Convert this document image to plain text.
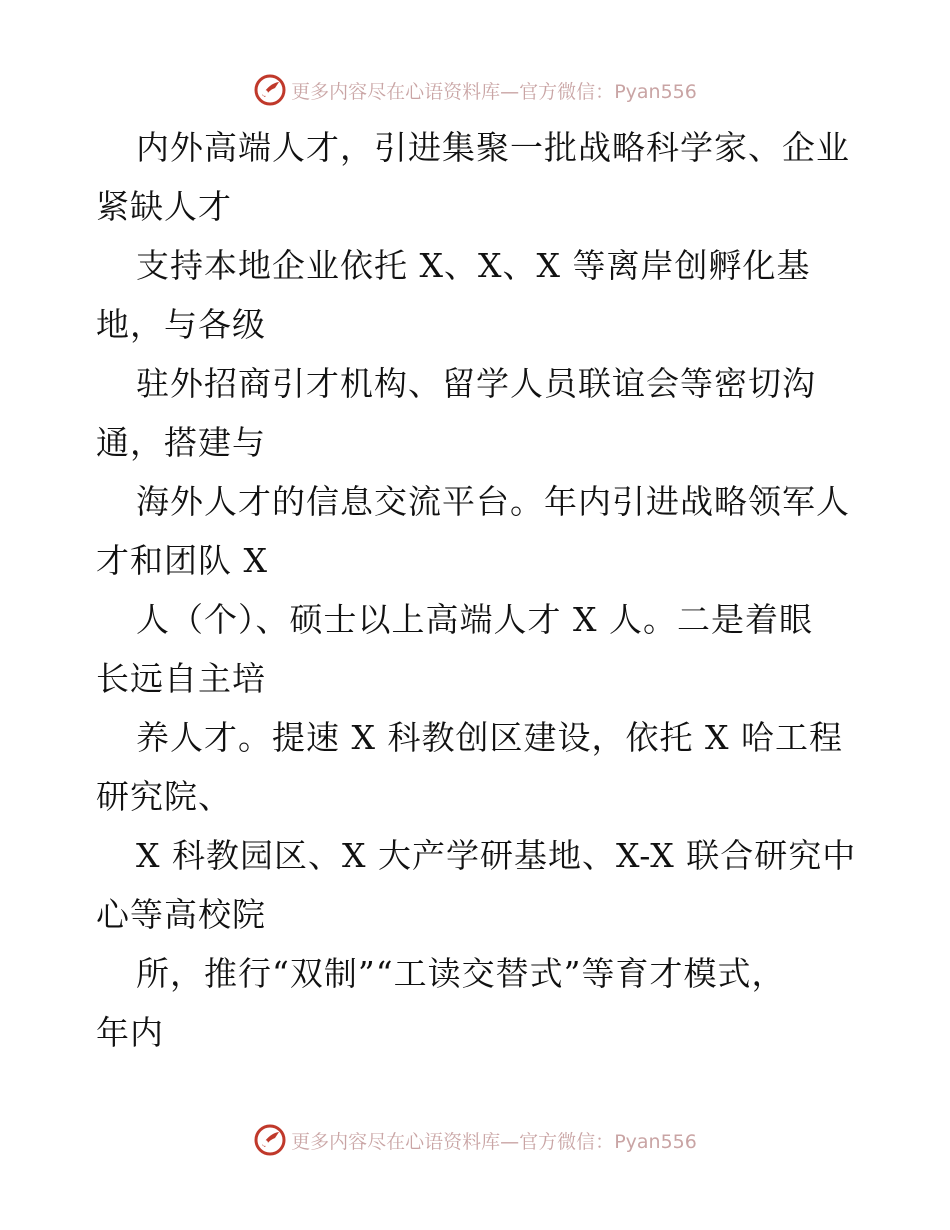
更多内容尽在心语资料库—官方微信：Pyan556
内外高端人才，引进集聚一批战略科学家、企业
紧缺人才
支持本地企业依托 X、X、X 等离岸创孵化基
地，与各级
驻外招商引才机构、留学人员联谊会等密切沟
通，搭建与
海外人才的信息交流平台。年内引进战略领军人
才和团队 X
人（个）、硕士以上高端人才 X 人。二是着眼
长远自主培
养人才。提速 X 科教创区建设，依托 X 哈工程
研究院、
X 科教园区、X 大产学研基地、X-X 联合研究中
心等高校院
所，推行“双制”“工读交替式”等育才模式，
年内
更多内容尽在心语资料库—官方微信：Pyan556
